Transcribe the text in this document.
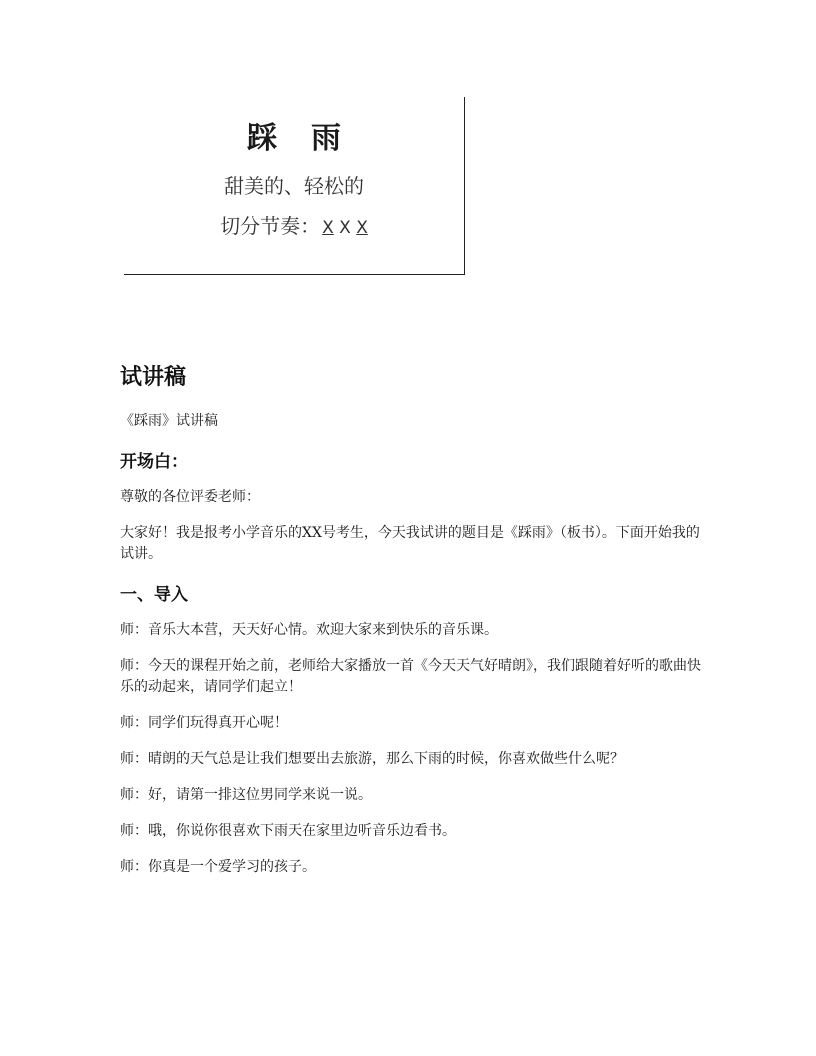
踩雨
甜美的、轻松的
切分节奏： X X X
试讲稿

《踩雨》试讲稿

开场白：

尊敬的各位评委老师：

大家好！我是报考小学音乐的XX号考生，今天我试讲的题目是《踩雨》（板书）。下面开始我的试讲。

一、导入

师：音乐大本营，天天好心情。欢迎大家来到快乐的音乐课。

师：今天的课程开始之前，老师给大家播放一首《今天天气好晴朗》，我们跟随着好听的歌曲快乐的动起来，请同学们起立！

师：同学们玩得真开心呢！

师：晴朗的天气总是让我们想要出去旅游，那么下雨的时候，你喜欢做些什么呢？

师：好，请第一排这位男同学来说一说。

师：哦，你说你很喜欢下雨天在家里边听音乐边看书。

师：你真是一个爱学习的孩子。
